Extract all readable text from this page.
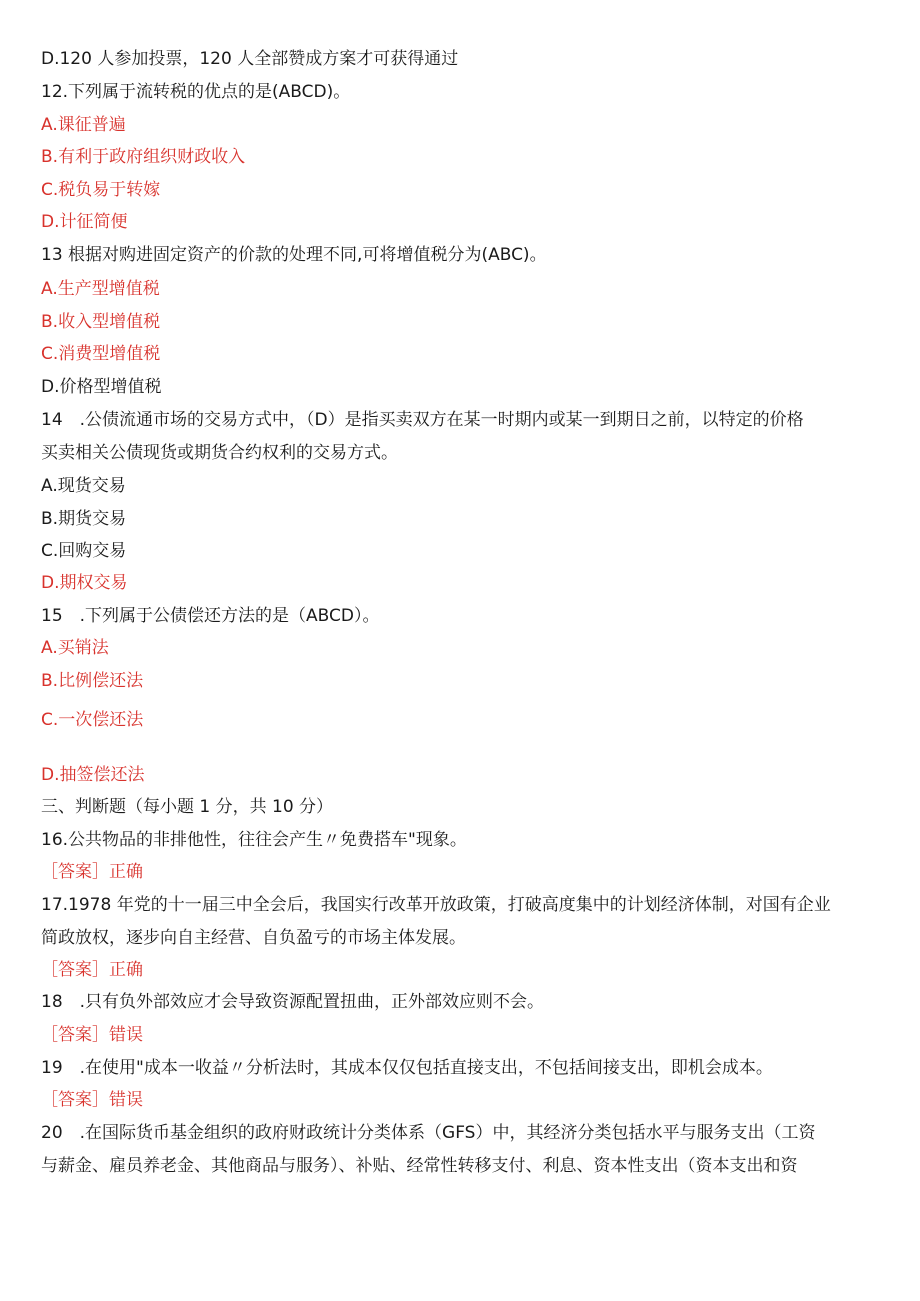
D.120 人参加投票，120 人全部赞成方案才可获得通过
12.下列属于流转税的优点的是(ABCD)。
A.课征普遍
B.有利于政府组织财政收入
C.税负易于转嫁
D.计征简便
13 根据对购进固定资产的价款的处理不同,可将增值税分为(ABC)。
A.生产型增值税
B.收入型增值税
C.消费型增值税
D.价格型增值税
14　.公债流通市场的交易方式中，（D）是指买卖双方在某一时期内或某一到期日之前，以特定的价格
买卖相关公债现货或期货合约权利的交易方式。
A.现货交易
B.期货交易
C.回购交易
D.期权交易
15　.下列属于公债偿还方法的是（ABCD）。
A.买销法
B.比例偿还法
C.一次偿还法
D.抽签偿还法
三、判断题（每小题 1 分，共 10 分）
16.公共物品的非排他性，往往会产生〃免费搭车"现象。
［答案］正确
17.1978 年党的十一届三中全会后，我国实行改革开放政策，打破高度集中的计划经济体制，对国有企业
简政放权，逐步向自主经营、自负盈亏的市场主体发展。
［答案］正确
18　.只有负外部效应才会导致资源配置扭曲，正外部效应则不会。
［答案］错误
19　.在使用"成本一收益〃分析法时，其成本仅仅包括直接支出，不包括间接支出，即机会成本。
［答案］错误
20　.在国际货币基金组织的政府财政统计分类体系（GFS）中，其经济分类包括水平与服务支出（工资
与薪金、雇员养老金、其他商品与服务）、补贴、经常性转移支付、利息、资本性支出（资本支出和资
